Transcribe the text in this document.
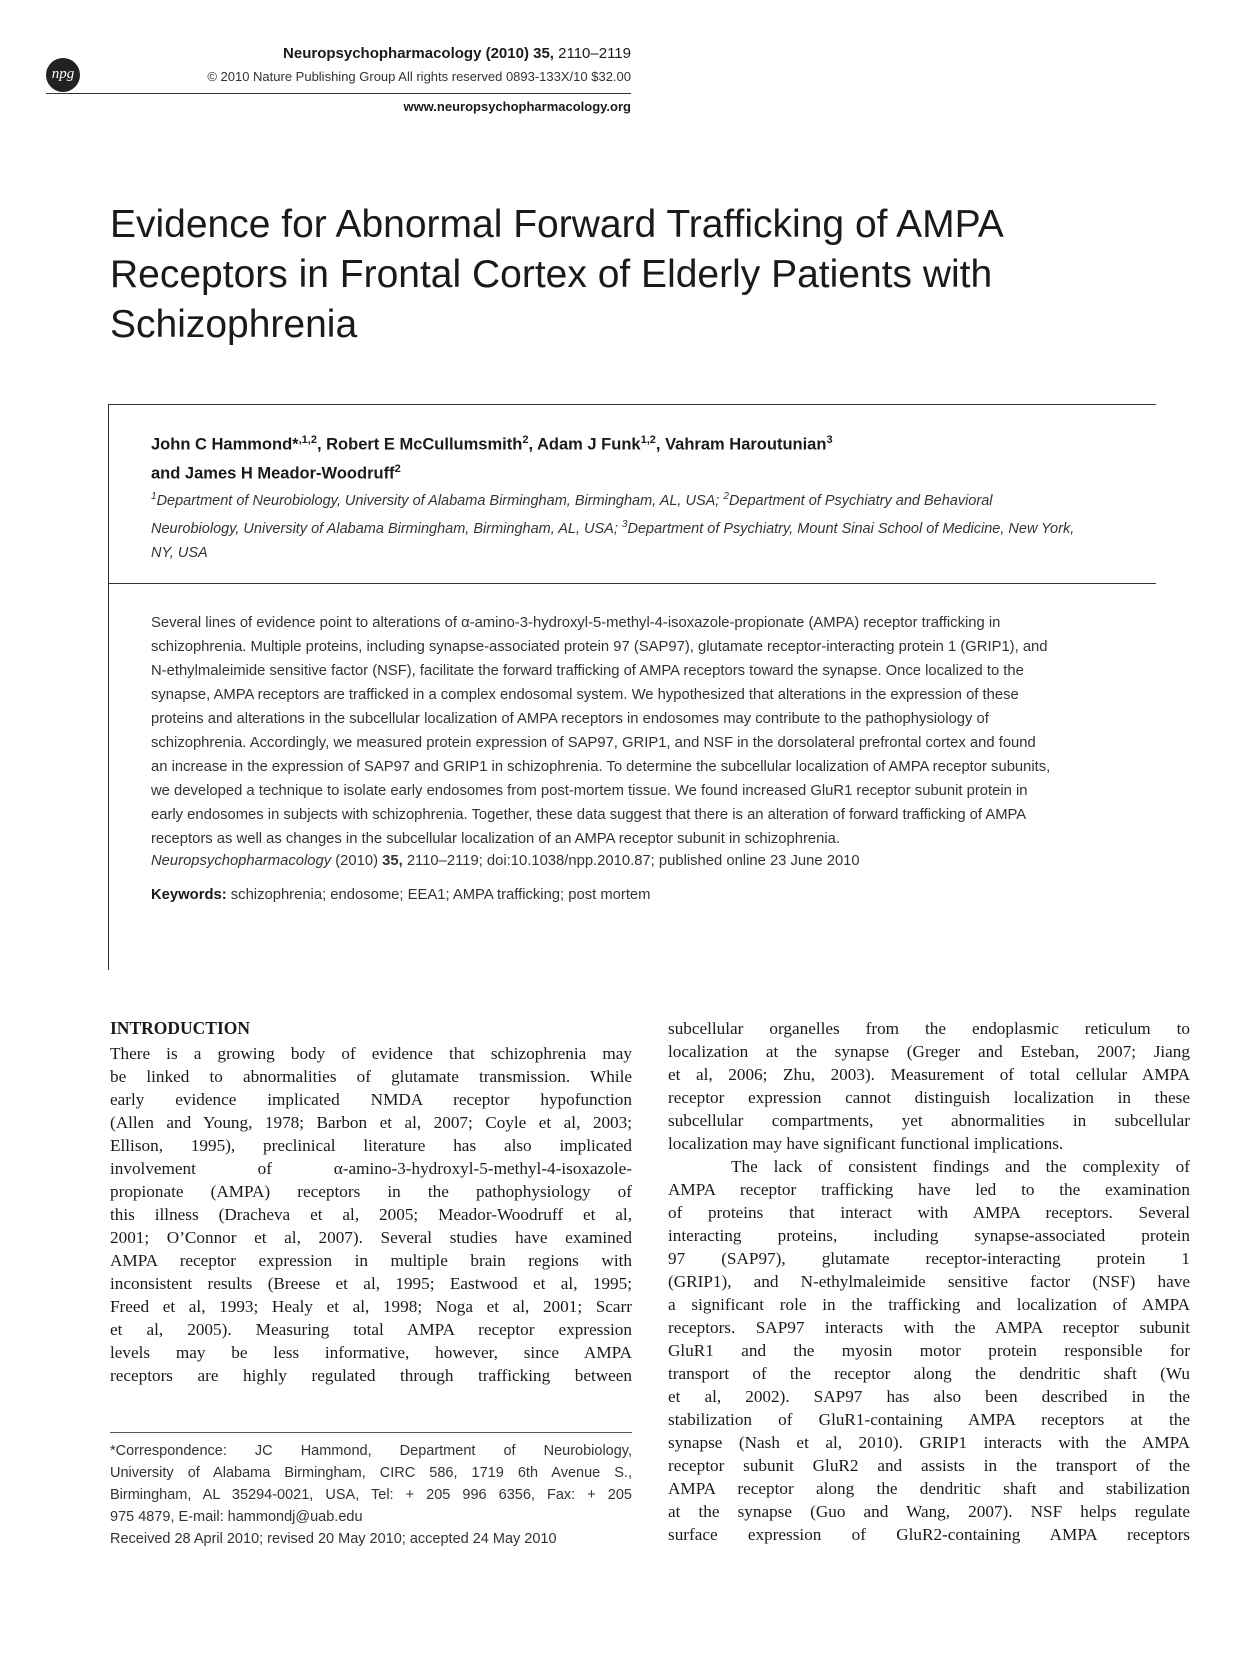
npg
Neuropsychopharmacology (2010) 35, 2110–2119
© 2010 Nature Publishing Group All rights reserved 0893-133X/10 $32.00
www.neuropsychopharmacology.org
Evidence for Abnormal Forward Trafficking of AMPA
Receptors in Frontal Cortex of Elderly Patients with
Schizophrenia
John C Hammond*$^{,1,2}$, Robert E McCullumsmith$^2$, Adam J Funk$^{1,2}$, Vahram Haroutunian$^3$
and James H Meador-Woodruff$^2$
$^1$Department of Neurobiology, University of Alabama Birmingham, Birmingham, AL, USA; $^2$Department of Psychiatry and Behavioral
Neurobiology, University of Alabama Birmingham, Birmingham, AL, USA; $^3$Department of Psychiatry, Mount Sinai School of Medicine, New York,
NY, USA
Several lines of evidence point to alterations of α-amino-3-hydroxyl-5-methyl-4-isoxazole-propionate (AMPA) receptor trafficking in
schizophrenia. Multiple proteins, including synapse-associated protein 97 (SAP97), glutamate receptor-interacting protein 1 (GRIP1), and
N-ethylmaleimide sensitive factor (NSF), facilitate the forward trafficking of AMPA receptors toward the synapse. Once localized to the
synapse, AMPA receptors are trafficked in a complex endosomal system. We hypothesized that alterations in the expression of these
proteins and alterations in the subcellular localization of AMPA receptors in endosomes may contribute to the pathophysiology of
schizophrenia. Accordingly, we measured protein expression of SAP97, GRIP1, and NSF in the dorsolateral prefrontal cortex and found
an increase in the expression of SAP97 and GRIP1 in schizophrenia. To determine the subcellular localization of AMPA receptor subunits,
we developed a technique to isolate early endosomes from post-mortem tissue. We found increased GluR1 receptor subunit protein in
early endosomes in subjects with schizophrenia. Together, these data suggest that there is an alteration of forward trafficking of AMPA
receptors as well as changes in the subcellular localization of an AMPA receptor subunit in schizophrenia.
Neuropsychopharmacology (2010) 35, 2110–2119; doi:10.1038/npp.2010.87; published online 23 June 2010
Keywords: schizophrenia; endosome; EEA1; AMPA trafficking; post mortem
INTRODUCTION
There is a growing body of evidence that schizophrenia may
be linked to abnormalities of glutamate transmission. While
early evidence implicated NMDA receptor hypofunction
(Allen and Young, 1978; Barbon et al, 2007; Coyle et al, 2003;
Ellison, 1995), preclinical literature has also implicated
involvement of α-amino-3-hydroxyl-5-methyl-4-isoxazole-
propionate (AMPA) receptors in the pathophysiology of
this illness (Dracheva et al, 2005; Meador-Woodruff et al,
2001; O’Connor et al, 2007). Several studies have examined
AMPA receptor expression in multiple brain regions with
inconsistent results (Breese et al, 1995; Eastwood et al, 1995;
Freed et al, 1993; Healy et al, 1998; Noga et al, 2001; Scarr
et al, 2005). Measuring total AMPA receptor expression
levels may be less informative, however, since AMPA
receptors are highly regulated through trafficking between
subcellular organelles from the endoplasmic reticulum to
localization at the synapse (Greger and Esteban, 2007; Jiang
et al, 2006; Zhu, 2003). Measurement of total cellular AMPA
receptor expression cannot distinguish localization in these
subcellular compartments, yet abnormalities in subcellular
localization may have significant functional implications.
The lack of consistent findings and the complexity of
AMPA receptor trafficking have led to the examination
of proteins that interact with AMPA receptors. Several
interacting proteins, including synapse-associated protein
97 (SAP97), glutamate receptor-interacting protein 1
(GRIP1), and N-ethylmaleimide sensitive factor (NSF) have
a significant role in the trafficking and localization of AMPA
receptors. SAP97 interacts with the AMPA receptor subunit
GluR1 and the myosin motor protein responsible for
transport of the receptor along the dendritic shaft (Wu
et al, 2002). SAP97 has also been described in the
stabilization of GluR1-containing AMPA receptors at the
synapse (Nash et al, 2010). GRIP1 interacts with the AMPA
receptor subunit GluR2 and assists in the transport of the
AMPA receptor along the dendritic shaft and stabilization
at the synapse (Guo and Wang, 2007). NSF helps regulate
surface expression of GluR2-containing AMPA receptors
*Correspondence: JC Hammond, Department of Neurobiology,
University of Alabama Birmingham, CIRC 586, 1719 6th Avenue S.,
Birmingham, AL 35294-0021, USA, Tel: + 205 996 6356, Fax: + 205
975 4879, E-mail: hammondj@uab.edu
Received 28 April 2010; revised 20 May 2010; accepted 24 May 2010
